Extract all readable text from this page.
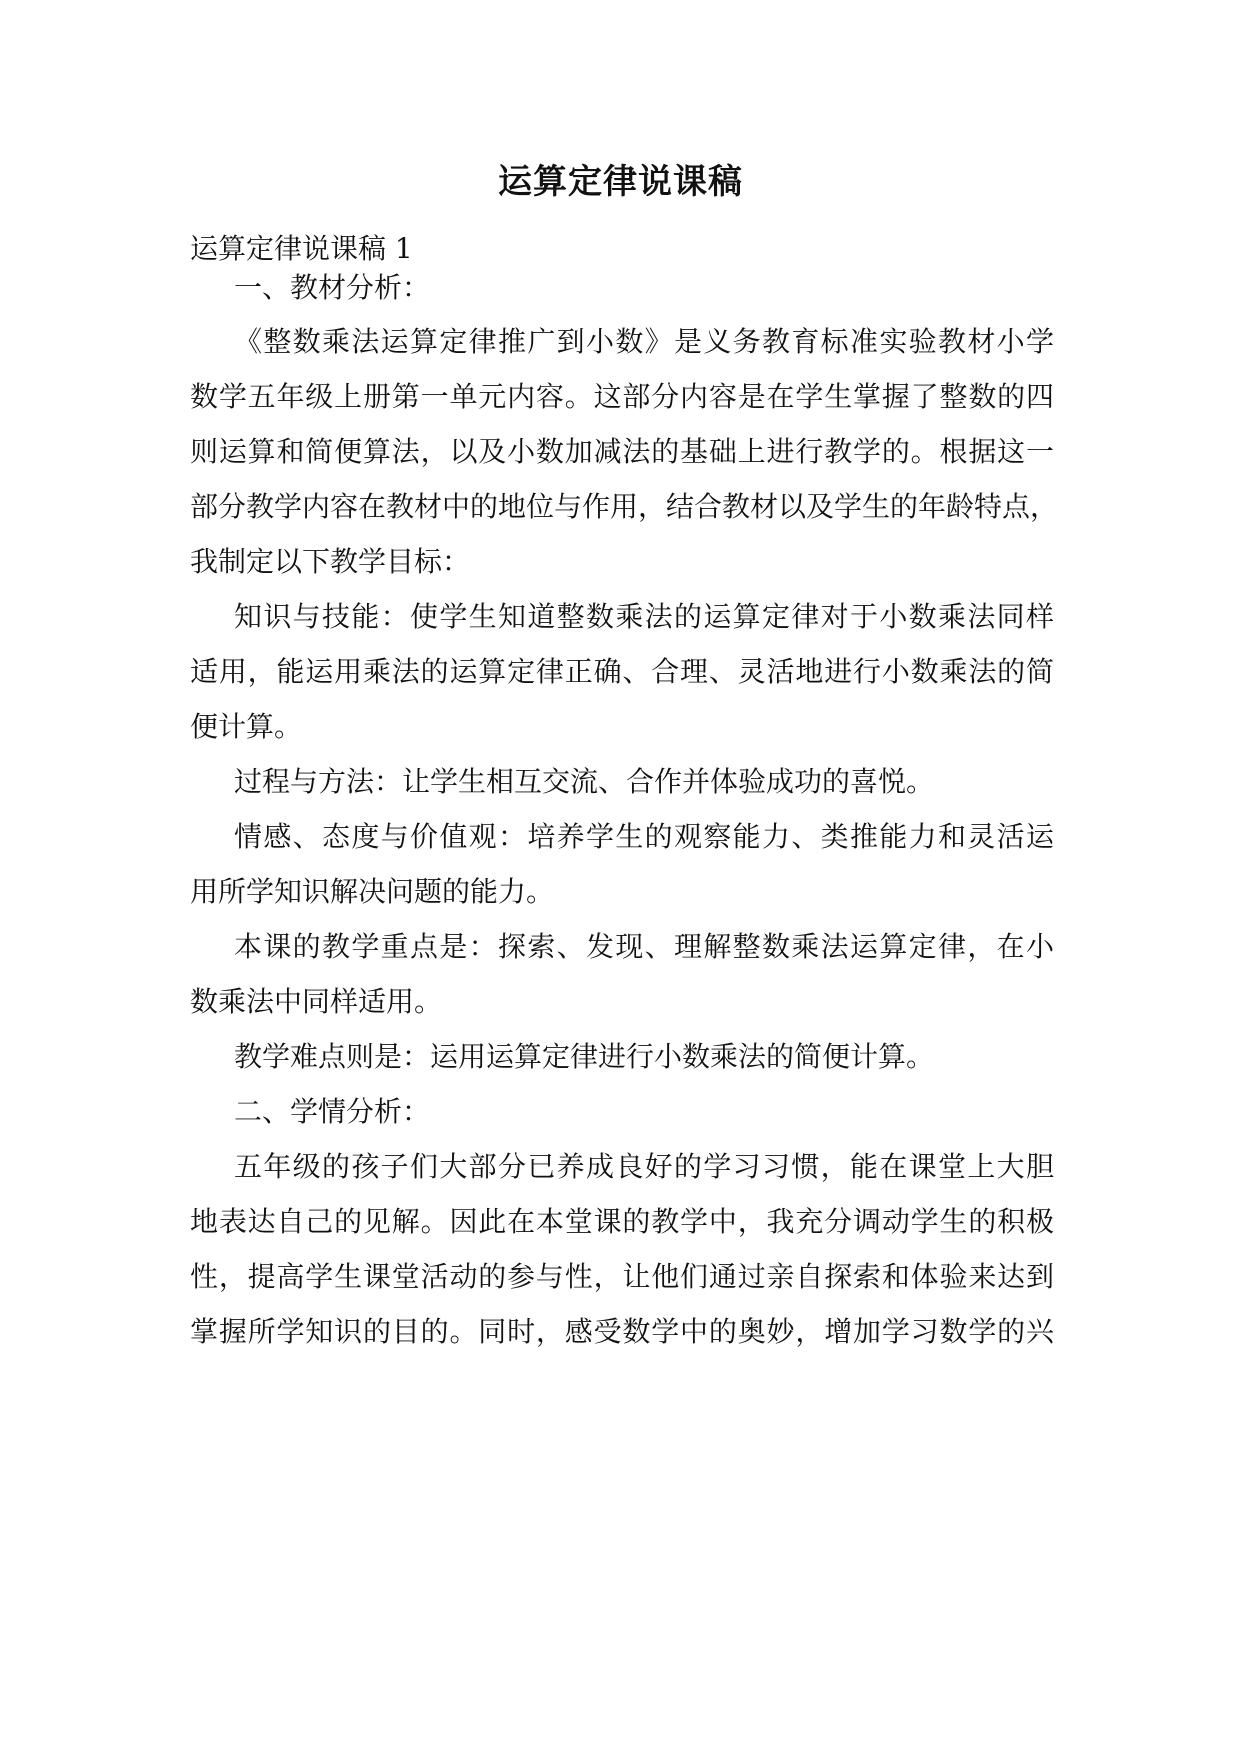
运算定律说课稿
运算定律说课稿 1
一、教材分析：
《整数乘法运算定律推广到小数》是义务教育标准实验教材小学
数学五年级上册第一单元内容。这部分内容是在学生掌握了整数的四
则运算和简便算法，以及小数加减法的基础上进行教学的。根据这一
部分教学内容在教材中的地位与作用，结合教材以及学生的年龄特点，
我制定以下教学目标：
知识与技能：使学生知道整数乘法的运算定律对于小数乘法同样
适用，能运用乘法的运算定律正确、合理、灵活地进行小数乘法的简
便计算。
过程与方法：让学生相互交流、合作并体验成功的喜悦。
情感、态度与价值观：培养学生的观察能力、类推能力和灵活运
用所学知识解决问题的能力。
本课的教学重点是：探索、发现、理解整数乘法运算定律，在小
数乘法中同样适用。
教学难点则是：运用运算定律进行小数乘法的简便计算。
二、学情分析：
五年级的孩子们大部分已养成良好的学习习惯，能在课堂上大胆
地表达自己的见解。因此在本堂课的教学中，我充分调动学生的积极
性，提高学生课堂活动的参与性，让他们通过亲自探索和体验来达到
掌握所学知识的目的。同时，感受数学中的奥妙，增加学习数学的兴
